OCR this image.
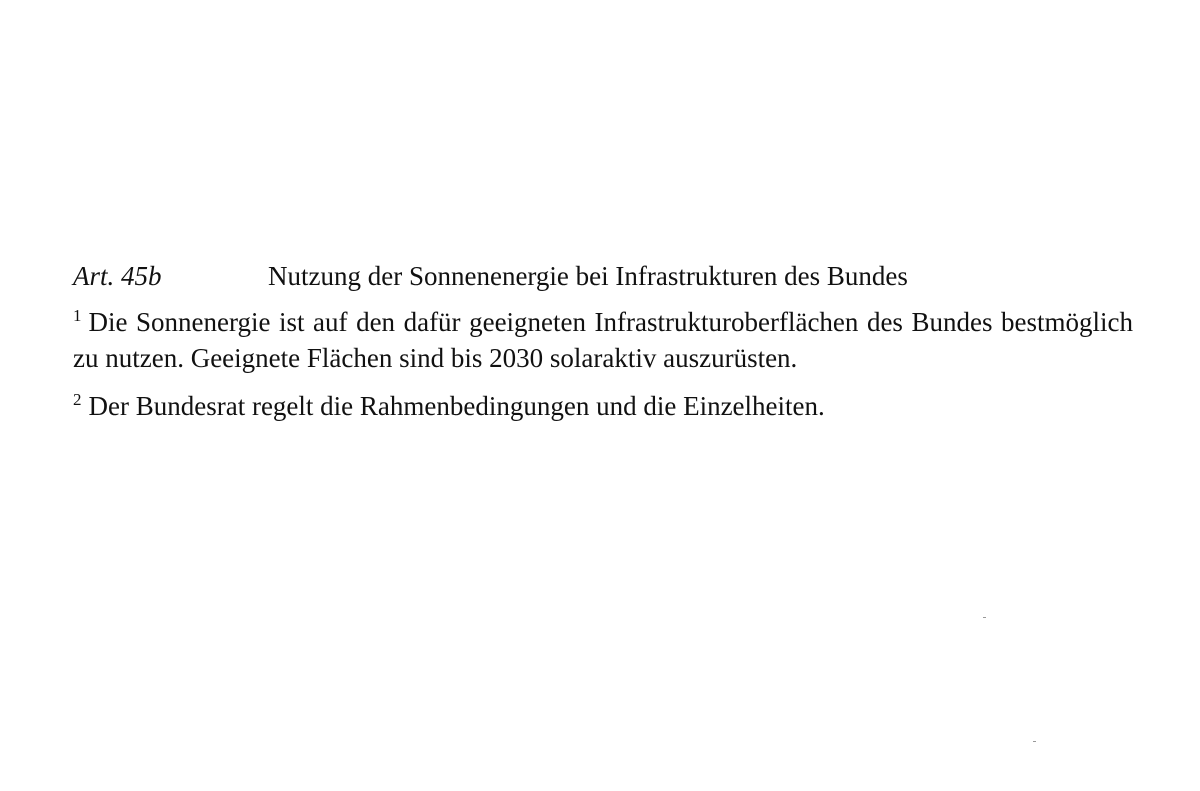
Art. 45b	Nutzung der Sonnenenergie bei Infrastrukturen des Bundes

$^1$ Die Sonnenergie ist auf den dafür geeigneten Infrastrukturoberflächen des Bundes bestmöglich zu nutzen. Geeignete Flächen sind bis 2030 solaraktiv auszurüsten.

$^2$ Der Bundesrat regelt die Rahmenbedingungen und die Einzelheiten.
